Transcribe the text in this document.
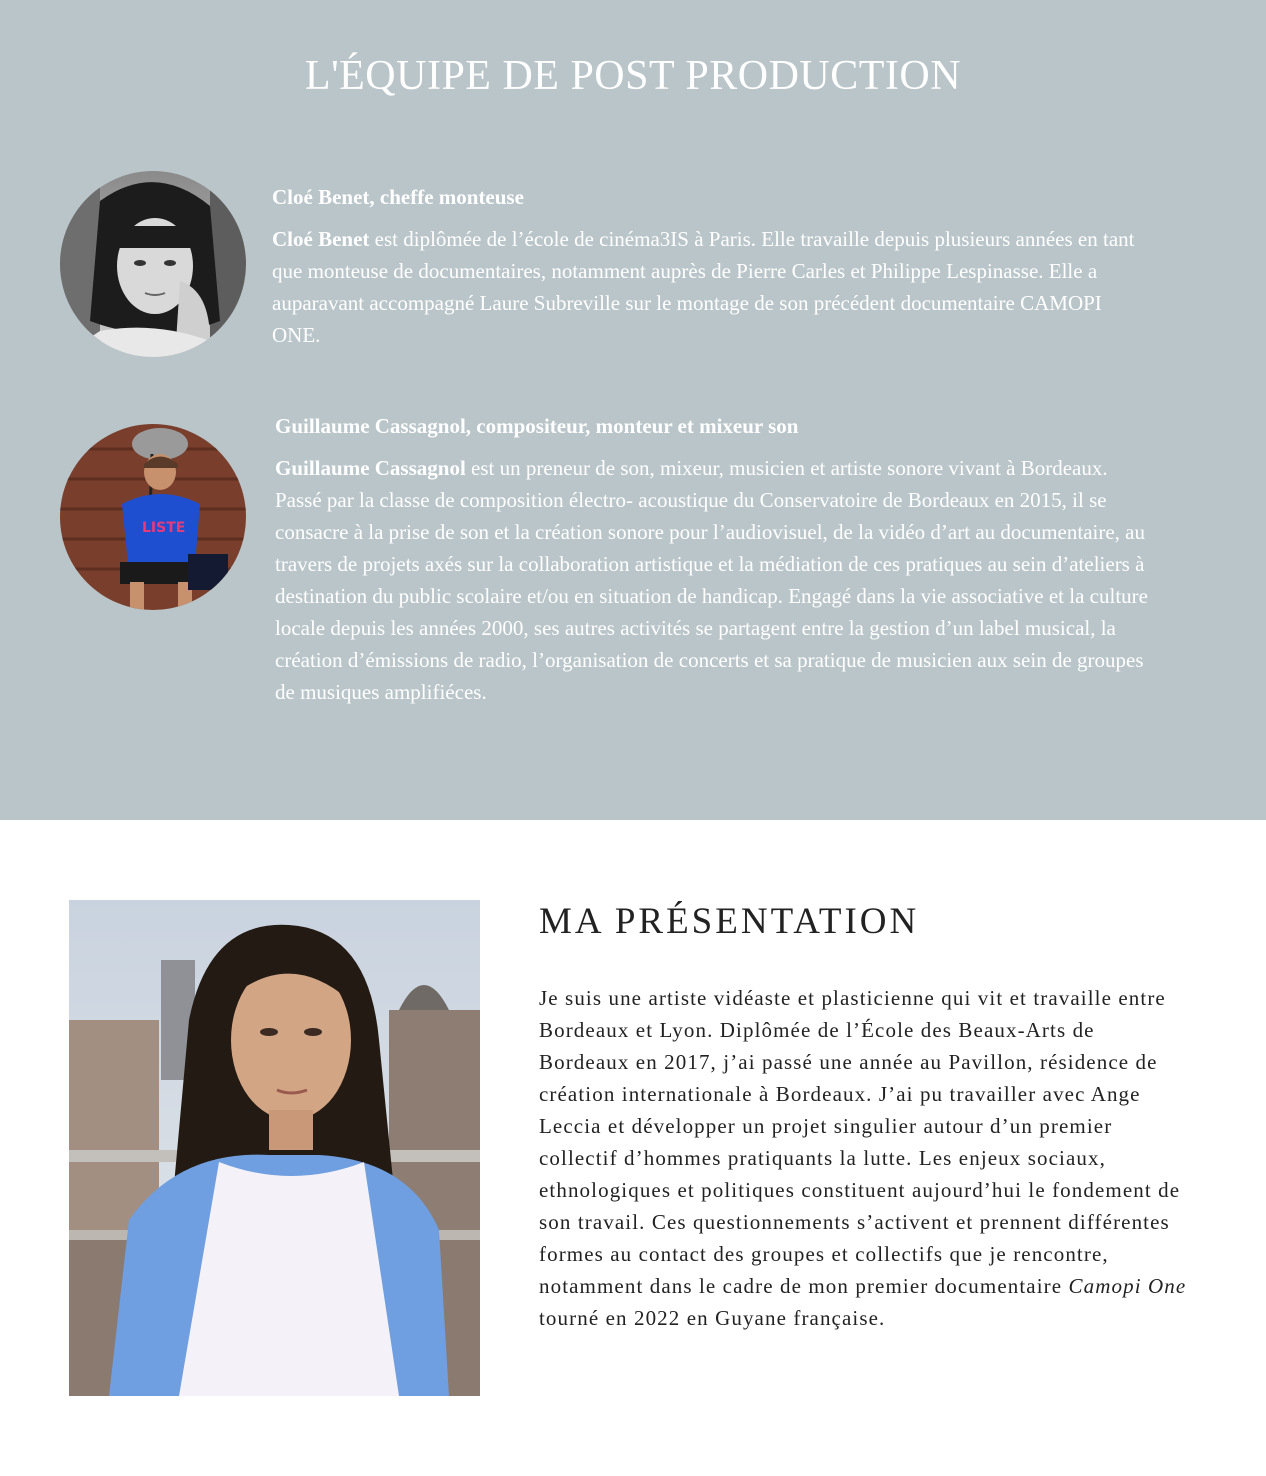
L'ÉQUIPE DE POST PRODUCTION

Cloé Benet, cheffe monteuse

Cloé Benet est diplômée de l’école de cinéma3IS à Paris. Elle travaille depuis plusieurs années en tant que monteuse de documentaires, notamment auprès de Pierre Carles et Philippe Lespinasse. Elle a auparavant accompagné Laure Subreville sur le montage de son précédent documentaire CAMOPI ONE.

LISTE

Guillaume Cassagnol, compositeur, monteur et mixeur son

Guillaume Cassagnol est un preneur de son, mixeur, musicien et artiste sonore vivant à Bordeaux. Passé par la classe de composition électro- acoustique du Conservatoire de Bordeaux en 2015, il se consacre à la prise de son et la création sonore pour l’audiovisuel, de la vidéo d’art au documentaire, au travers de projets axés sur la collaboration artistique et la médiation de ces pratiques au sein d’ateliers à destination du public scolaire et/ou en situation de handicap. Engagé dans la vie associative et la culture locale depuis les années 2000, ses autres activités se partagent entre la gestion d’un label musical, la création d’émissions de radio, l’organisation de concerts et sa pratique de musicien aux sein de groupes de musiques amplifiéces.

MA PRÉSENTATION

Je suis une artiste vidéaste et plasticienne qui vit et travaille entre Bordeaux et Lyon. Diplômée de l’École des Beaux-Arts de Bordeaux en 2017, j’ai passé une année au Pavillon, résidence de création internationale à Bordeaux. J’ai pu travailler avec Ange Leccia et développer un projet singulier autour d’un premier collectif d’hommes pratiquants la lutte. Les enjeux sociaux, ethnologiques et politiques constituent aujourd’hui le fondement de son travail. Ces questionnements s’activent et prennent différentes formes au contact des groupes et collectifs que je rencontre, notamment dans le cadre de mon premier documentaire Camopi One tourné en 2022 en Guyane française.
